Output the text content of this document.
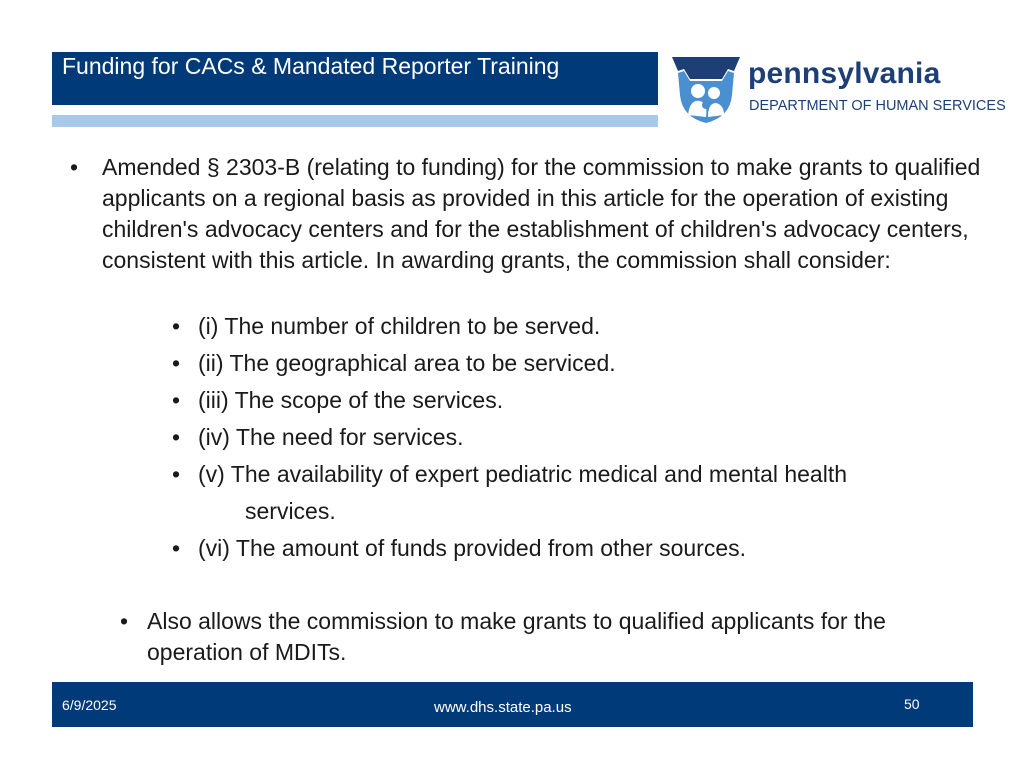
Funding for CACs & Mandated Reporter Training	pennsylvania
DEPARTMENT OF HUMAN SERVICES
• Amended § 2303-B (relating to funding) for the commission to make grants to qualified applicants on a regional basis as provided in this article for the operation of existing children's advocacy centers and for the establishment of children's advocacy centers, consistent with this article. In awarding grants, the commission shall consider:

• (i) The number of children to be served.
• (ii) The geographical area to be serviced.
• (iii) The scope of the services.
• (iv) The need for services.
• (v) The availability of expert pediatric medical and mental health
services.
• (vi) The amount of funds provided from other sources.
• Also allows the commission to make grants to qualified applicants for the operation of MDITs.

6/9/2025	www.dhs.state.pa.us	50
